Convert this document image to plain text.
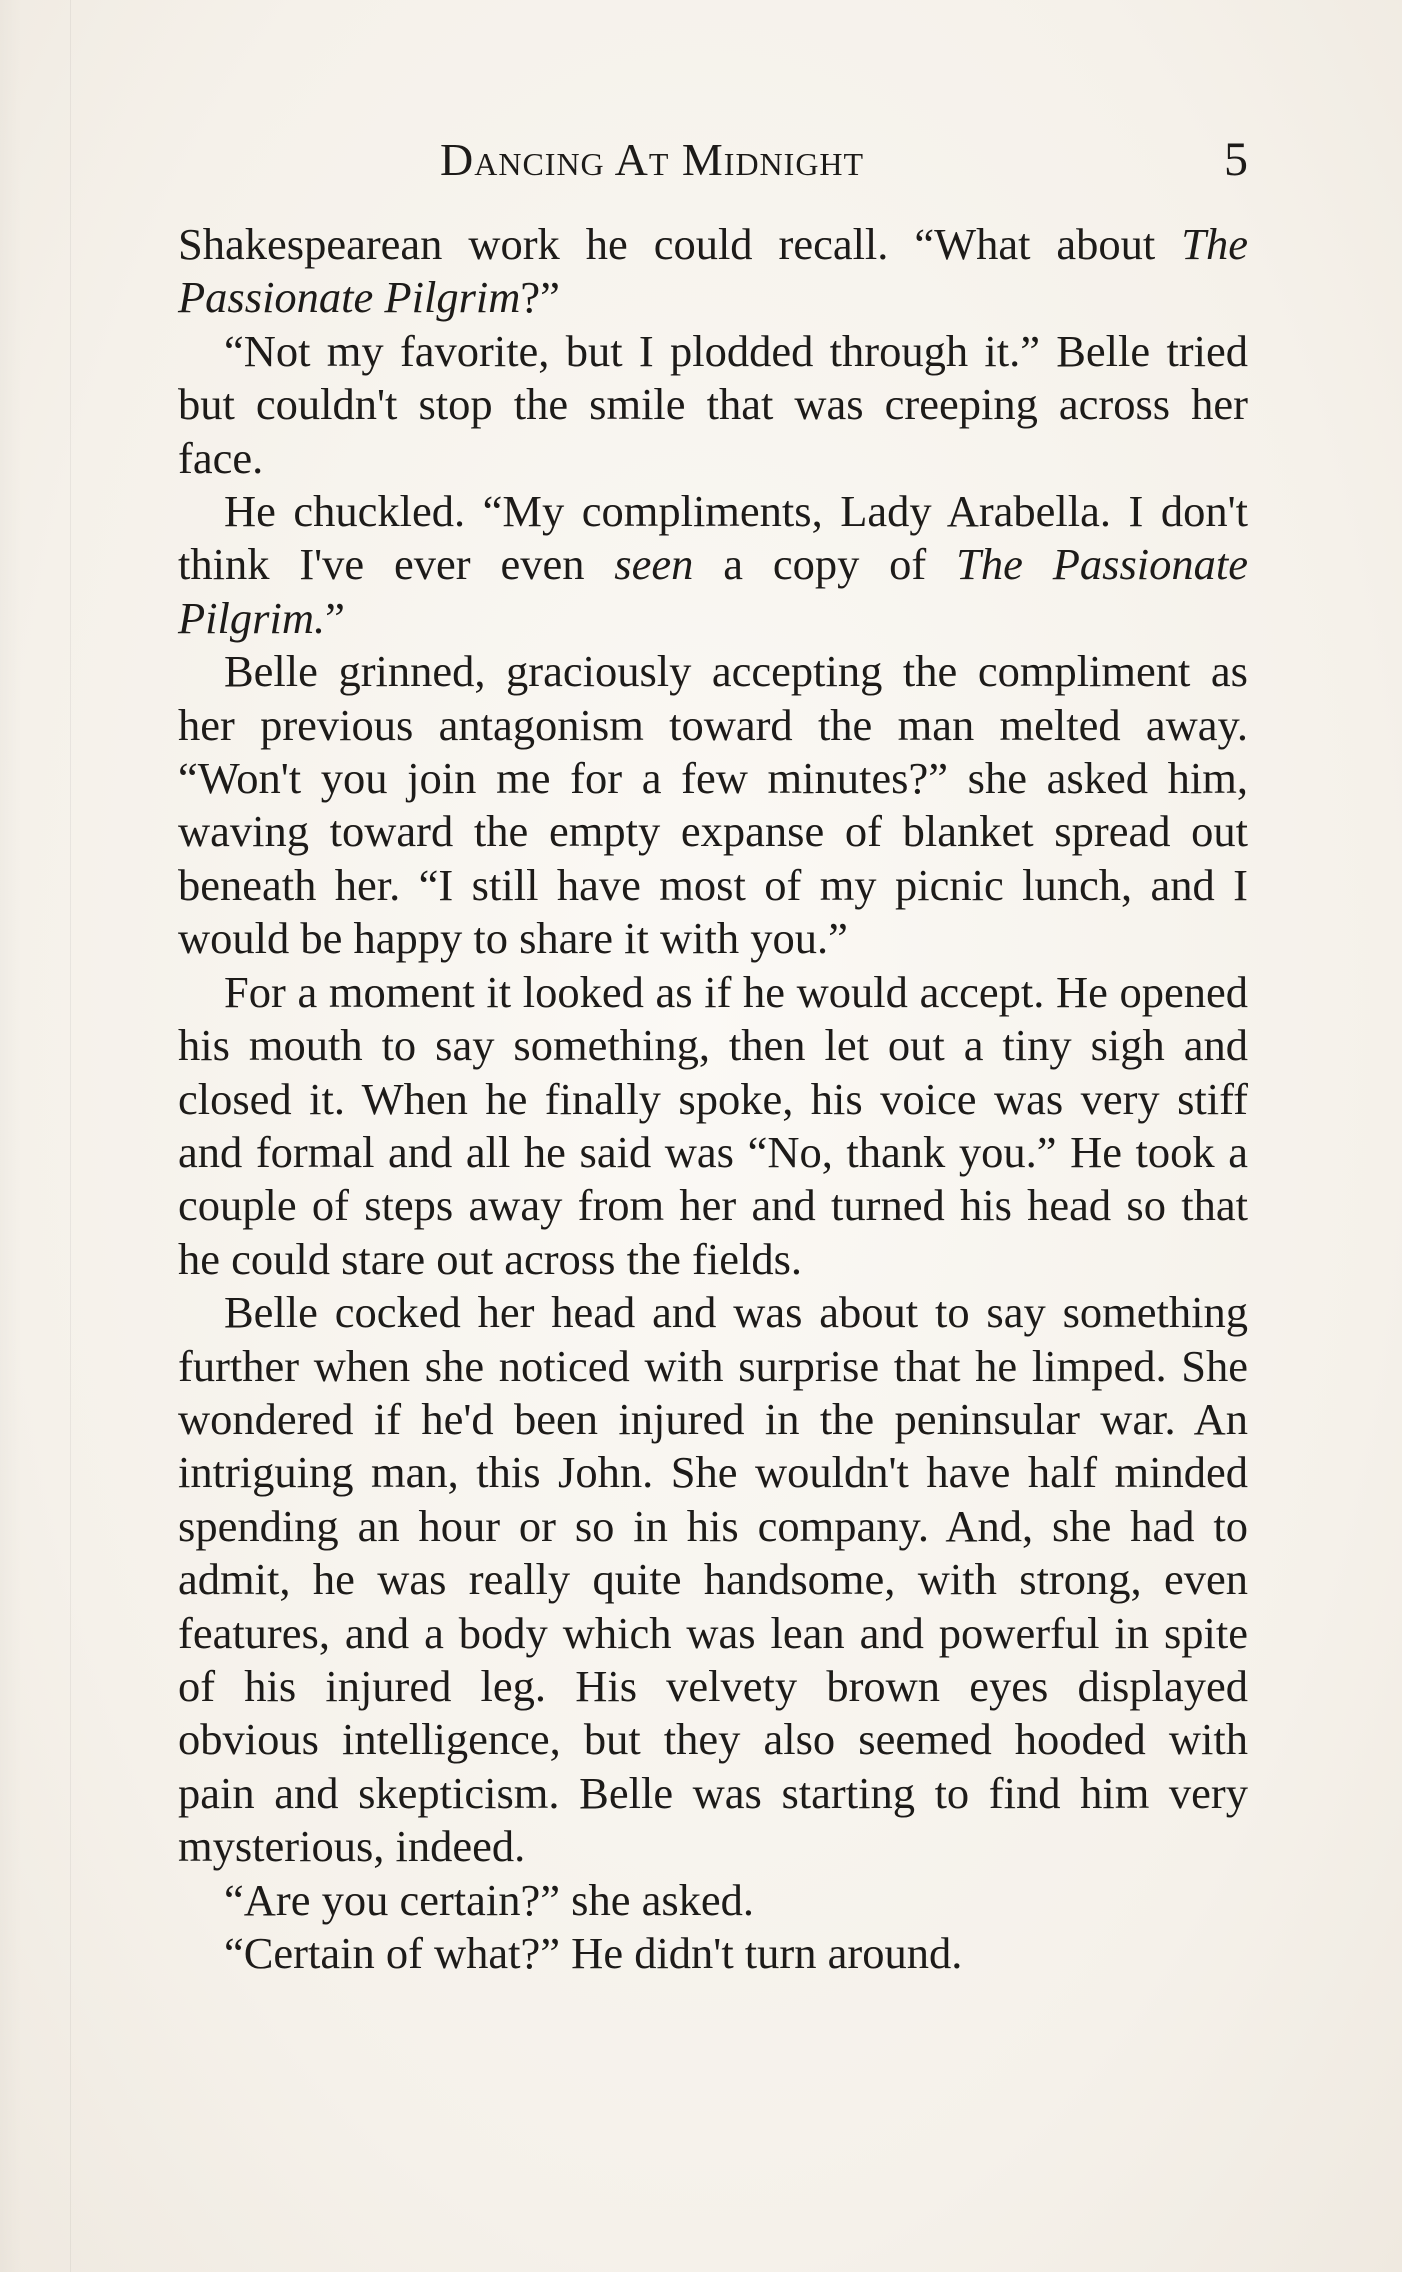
Dancing At Midnight	5

Shakespearean work he could recall. “What about The Passionate Pilgrim?”

“Not my favorite, but I plodded through it.” Belle tried but couldn't stop the smile that was creeping across her face.

He chuckled. “My compliments, Lady Arabella. I don't think I've ever even seen a copy of The Passionate Pilgrim.”

Belle grinned, graciously accepting the compliment as her previous antagonism toward the man melted away. “Won't you join me for a few minutes?” she asked him, waving toward the empty expanse of blanket spread out beneath her. “I still have most of my picnic lunch, and I would be happy to share it with you.”

For a moment it looked as if he would accept. He opened his mouth to say something, then let out a tiny sigh and closed it. When he finally spoke, his voice was very stiff and formal and all he said was “No, thank you.” He took a couple of steps away from her and turned his head so that he could stare out across the fields.

Belle cocked her head and was about to say something further when she noticed with surprise that he limped. She wondered if he'd been injured in the peninsular war. An intriguing man, this John. She wouldn't have half minded spending an hour or so in his company. And, she had to admit, he was really quite handsome, with strong, even features, and a body which was lean and powerful in spite of his injured leg. His velvety brown eyes displayed obvious intelligence, but they also seemed hooded with pain and skepticism. Belle was starting to find him very mysterious, indeed.

“Are you certain?” she asked.

“Certain of what?” He didn't turn around.
